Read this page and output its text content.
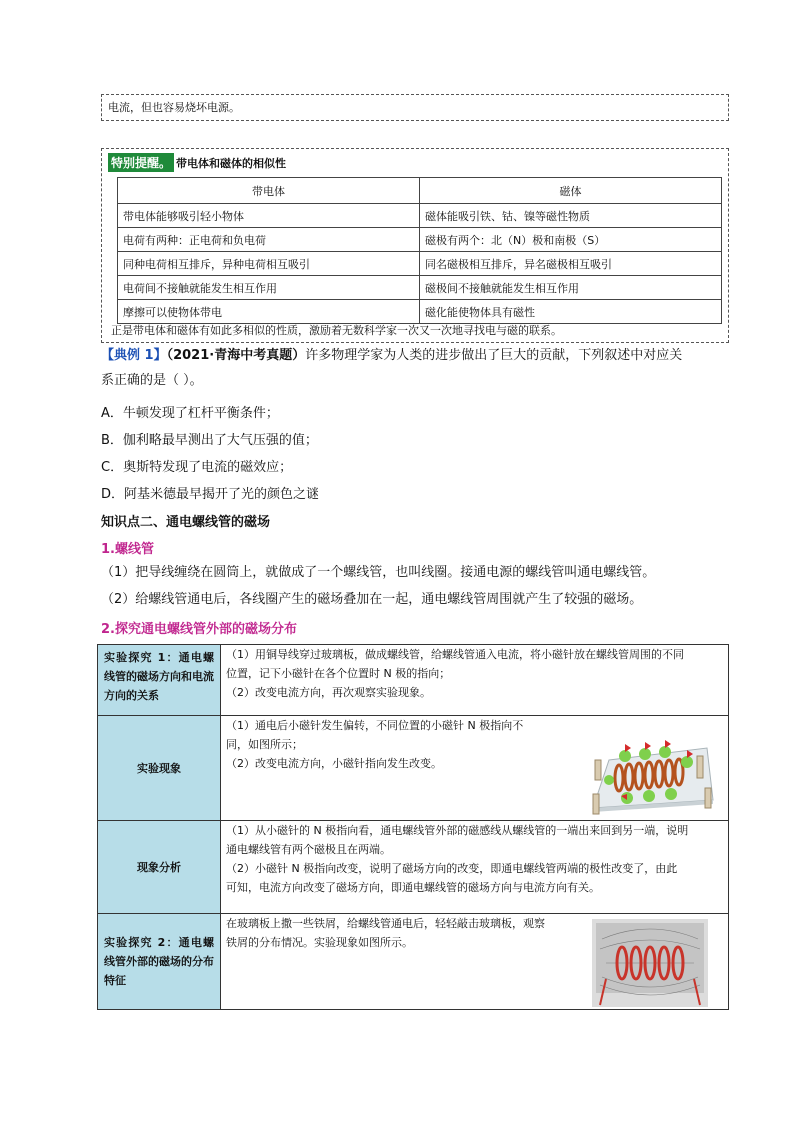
电流，但也容易烧坏电源。
特别提醒。 带电体和磁体的相似性
带电体	磁体
带电体能够吸引轻小物体	磁体能吸引铁、钴、镍等磁性物质
电荷有两种：正电荷和负电荷	磁极有两个：北（N）极和南极（S）
同种电荷相互排斥，异种电荷相互吸引	同名磁极相互排斥，异名磁极相互吸引
电荷间不接触就能发生相互作用	磁极间不接触就能发生相互作用
摩擦可以使物体带电	磁化能使物体具有磁性
正是带电体和磁体有如此多相似的性质，激励着无数科学家一次又一次地寻找电与磁的联系。
【典例 1】（2021·青海中考真题）许多物理学家为人类的进步做出了巨大的贡献，下列叙述中对应关
系正确的是（ ）。
A．牛顿发现了杠杆平衡条件；
B．伽利略最早测出了大气压强的值；
C．奥斯特发现了电流的磁效应；
D．阿基米德最早揭开了光的颜色之谜
知识点二、通电螺线管的磁场
1.螺线管
（1）把导线缠绕在圆筒上，就做成了一个螺线管，也叫线圈。接通电源的螺线管叫通电螺线管。
（2）给螺线管通电后，各线圈产生的磁场叠加在一起，通电螺线管周围就产生了较强的磁场。
2.探究通电螺线管外部的磁场分布
实验探究 1：通电螺线管的磁场方向和电流方向的关系	（1）用铜导线穿过玻璃板，做成螺线管，给螺线管通入电流，将小磁针放在螺线管周围的不同
位置，记下小磁针在各个位置时 N 极的指向；
（2）改变电流方向，再次观察实验现象。

实验现象	（1）通电后小磁针发生偏转，不同位置的小磁针 N 极指向不
同，如图所示；
（2）改变电流方向，小磁针指向发生改变。

现象分析	（1）从小磁针的 N 极指向看，通电螺线管外部的磁感线从螺线管的一端出来回到另一端，说明
通电螺线管有两个磁极且在两端。
（2）小磁针 N 极指向改变，说明了磁场方向的改变，即通电螺线管两端的极性改变了，由此
可知，电流方向改变了磁场方向，即通电螺线管的磁场方向与电流方向有关。

实验探究 2：通电螺线管外部的磁场的分布特征	在玻璃板上撒一些铁屑，给螺线管通电后，轻轻敲击玻璃板，观察
铁屑的分布情况。实验现象如图所示。
